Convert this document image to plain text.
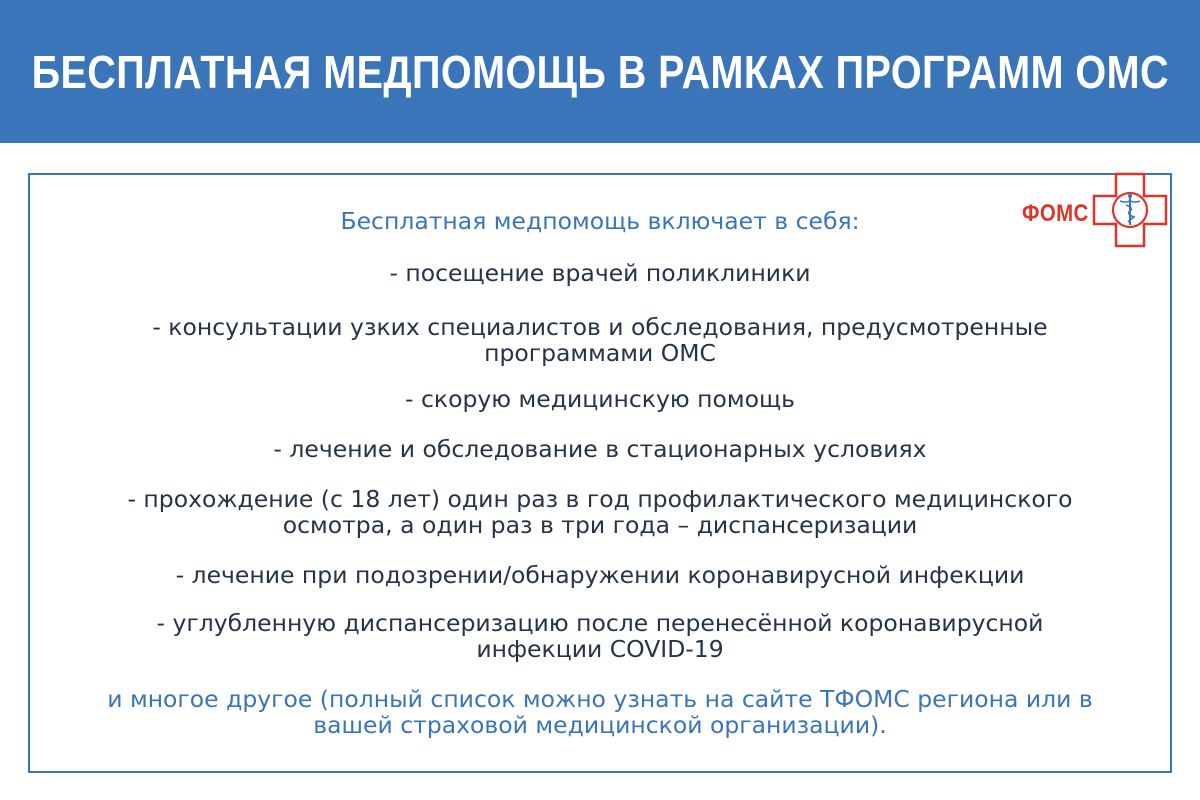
БЕСПЛАТНАЯ МЕДПОМОЩЬ В РАМКАХ ПРОГРАММ ОМС
ФОМС
Бесплатная медпомощь включает в себя:
- посещение врачей поликлиники
- консультации узких специалистов и обследования, предусмотренные
программами ОМС
- скорую медицинскую помощь
- лечение и обследование в стационарных условиях
- прохождение (с 18 лет) один раз в год профилактического медицинского
осмотра, а один раз в три года – диспансеризации
- лечение при подозрении/обнаружении коронавирусной инфекции
- углубленную диспансеризацию после перенесённой коронавирусной
инфекции COVID-19
и многое другое (полный список можно узнать на сайте ТФОМС региона или в
вашей страховой медицинской организации).
